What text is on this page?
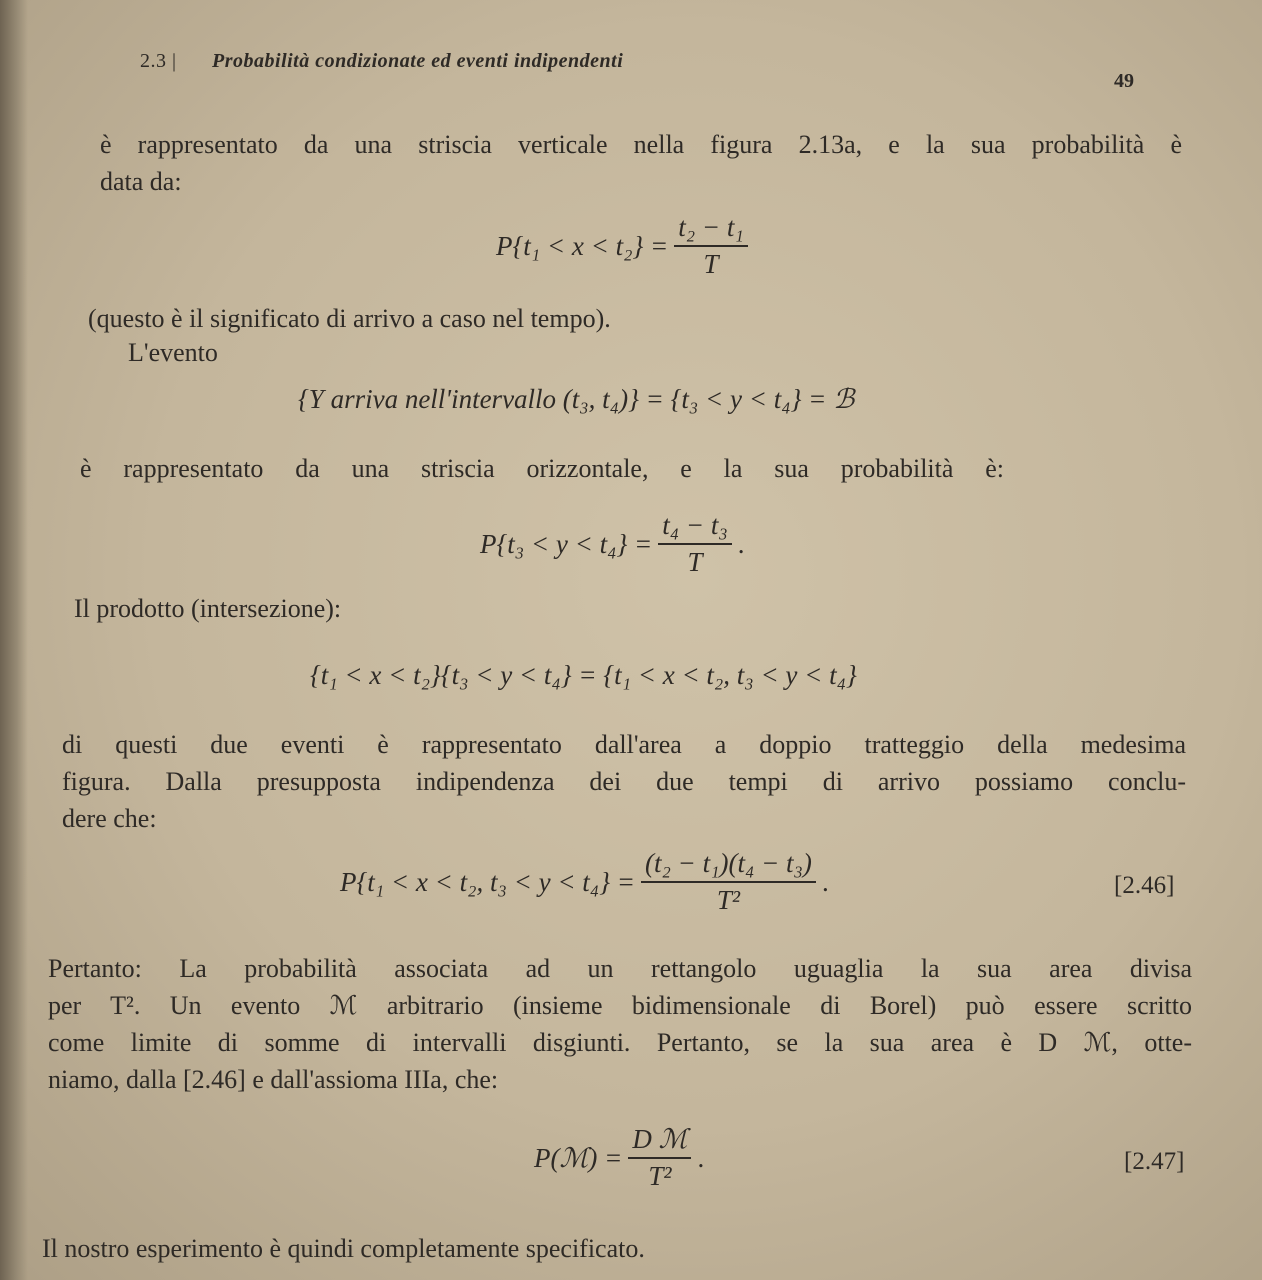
2.3 | Probabilità condizionate ed eventi indipendenti
49
è rappresentato da una striscia verticale nella figura 2.13a, e la sua probabilità è
data da:
$P\{t_1 < x < t_2\} = \frac{\text{t₂ − t₁}}{T}$
(questo è il significato di arrivo a caso nel tempo).
L'evento
{Y arriva nell'intervallo (t₃, t₄)} = {t₃ < y < t₄} = ℬ
è rappresentato da una striscia orizzontale, e la sua probabilità è:
$P\{t_3 < y < t_4\} = \frac{\text{t₄ − t₃}}{T}$ .
Il prodotto (intersezione):
{t₁ < x < t₂}{t₃ < y < t₄} = {t₁ < x < t₂, t₃ < y < t₄}
di questi due eventi è rappresentato dall'area a doppio tratteggio della medesima
figura. Dalla presupposta indipendenza dei due tempi di arrivo possiamo conclu-
dere che:
P{t₁ < x < t₂, $t_3 < y < t_4\} = \frac{\text{(t₂ − t₁)(t₄ − t₃)}}{\text{T²}}$ .	[2.46]
Pertanto: La probabilità associata ad un rettangolo uguaglia la sua area divisa
per T². Un evento ℳ arbitrario (insieme bidimensionale di Borel) può essere scritto
come limite di somme di intervalli disgiunti. Pertanto, se la sua area è D ℳ, otte-
niamo, dalla [2.46] e dall'assioma IIIa, che:
P(ℳ) = $\frac{\text{D ℳ}}{\text{T²}}$ .	[2.47]
Il nostro esperimento è quindi completamente specificato.
